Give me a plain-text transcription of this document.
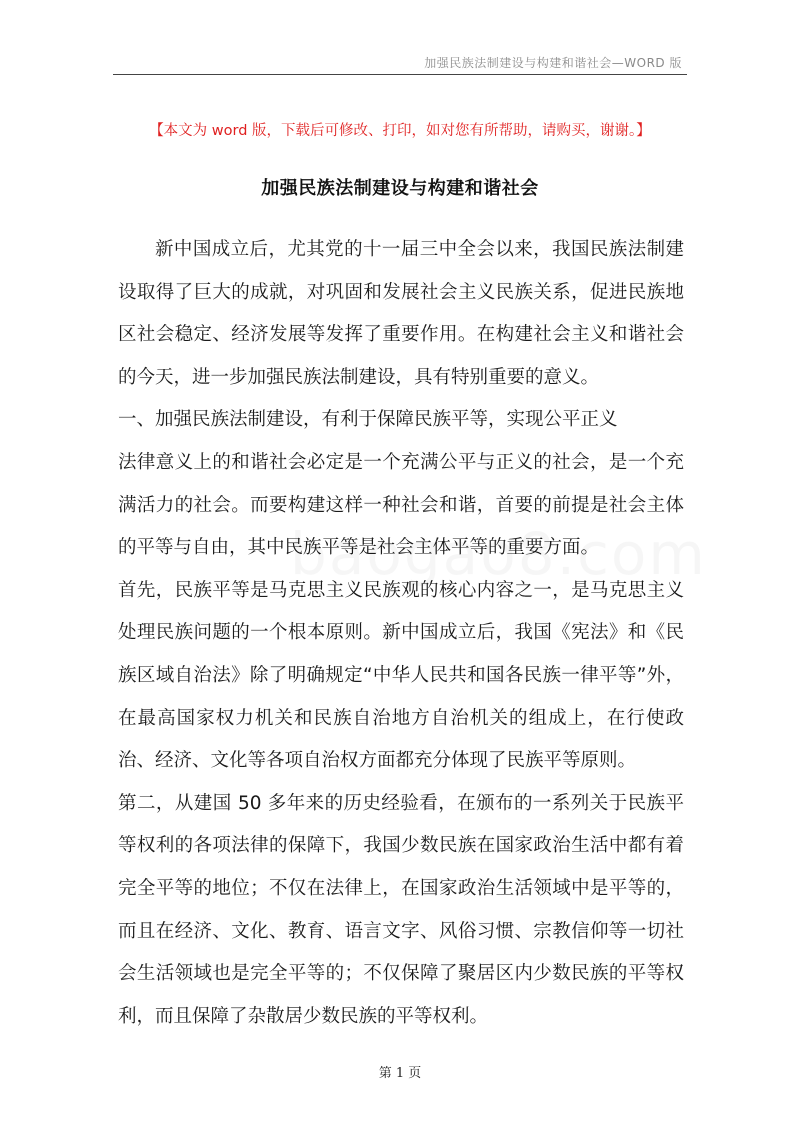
加强民族法制建设与构建和谐社会—WORD 版
【本文为 word 版，下载后可修改、打印，如对您有所帮助，请购买，谢谢。】
加强民族法制建设与构建和谐社会

新中国成立后，尤其党的十一届三中全会以来，我国民族法制建设取得了巨大的成就，对巩固和发展社会主义民族关系，促进民族地区社会稳定、经济发展等发挥了重要作用。在构建社会主义和谐社会的今天，进一步加强民族法制建设，具有特别重要的意义。

一、加强民族法制建设，有利于保障民族平等，实现公平正义

法律意义上的和谐社会必定是一个充满公平与正义的社会，是一个充满活力的社会。而要构建这样一种社会和谐，首要的前提是社会主体的平等与自由，其中民族平等是社会主体平等的重要方面。

首先，民族平等是马克思主义民族观的核心内容之一，是马克思主义处理民族问题的一个根本原则。新中国成立后，我国《宪法》和《民族区域自治法》除了明确规定“中华人民共和国各民族一律平等”外，在最高国家权力机关和民族自治地方自治机关的组成上，在行使政治、经济、文化等各项自治权方面都充分体现了民族平等原则。

第二，从建国 50 多年来的历史经验看，在颁布的一系列关于民族平等权利的各项法律的保障下，我国少数民族在国家政治生活中都有着完全平等的地位；不仅在法律上，在国家政治生活领域中是平等的，而且在经济、文化、教育、语言文字、风俗习惯、宗教信仰等一切社会生活领域也是完全平等的；不仅保障了聚居区内少数民族的平等权利，而且保障了杂散居少数民族的平等权利。

第 1 页
